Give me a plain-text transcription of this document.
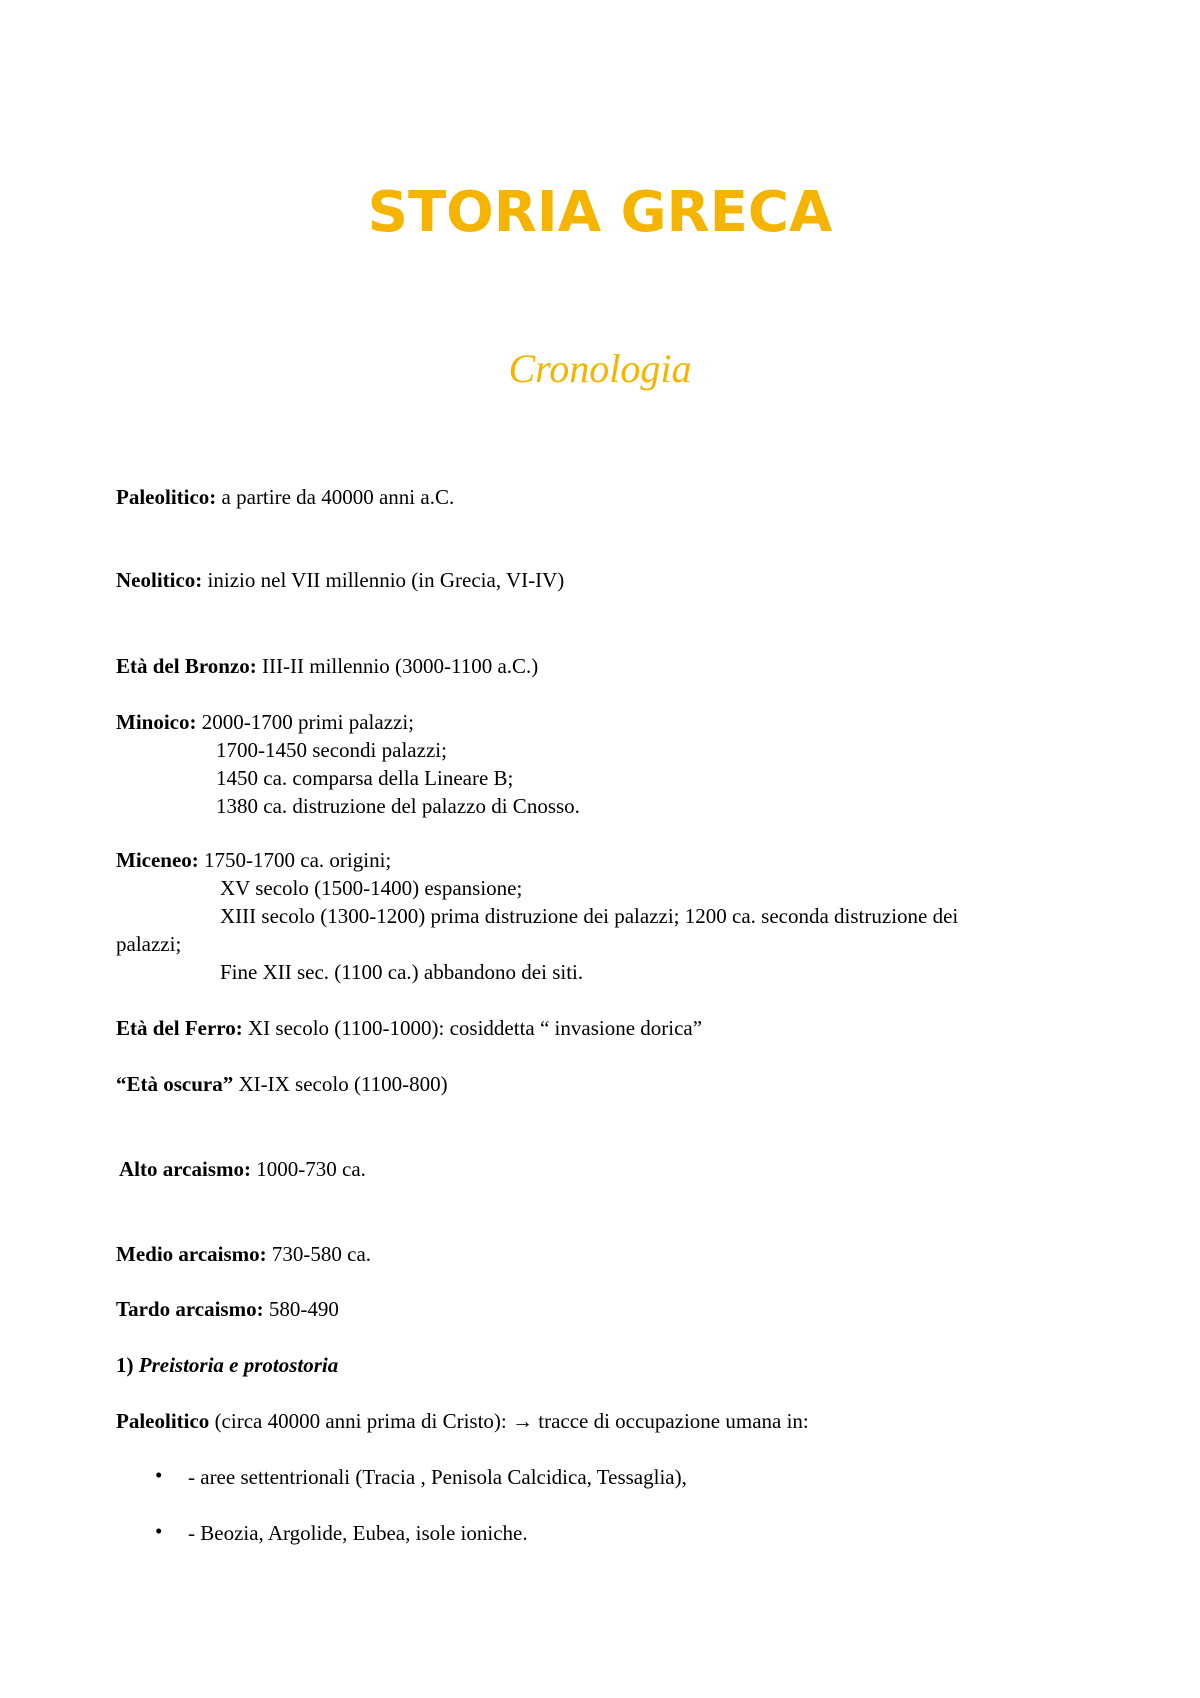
STORIA GRECA
Cronologia
Paleolitico: a partire da 40000 anni a.C.
Neolitico: inizio nel VII millennio (in Grecia, VI-IV)
Età del Bronzo: III-II millennio (3000-1100 a.C.)
Minoico: 2000-1700 primi palazzi;
1700-1450 secondi palazzi;
1450 ca. comparsa della Lineare B;
1380 ca. distruzione del palazzo di Cnosso.
Miceneo: 1750-1700 ca. origini;
XV secolo (1500-1400) espansione;
XIII secolo (1300-1200) prima distruzione dei palazzi; 1200 ca. seconda distruzione dei
palazzi;
Fine XII sec. (1100 ca.) abbandono dei siti.
Età del Ferro: XI secolo (1100-1000): cosiddetta “ invasione dorica”
“Età oscura” XI-IX secolo (1100-800)
Alto arcaismo: 1000-730 ca.
Medio arcaismo: 730-580 ca.
Tardo arcaismo: 580-490
1) Preistoria e protostoria
Paleolitico (circa 40000 anni prima di Cristo): → tracce di occupazione umana in:
• - aree settentrionali (Tracia , Penisola Calcidica, Tessaglia),
• - Beozia, Argolide, Eubea, isole ioniche.
